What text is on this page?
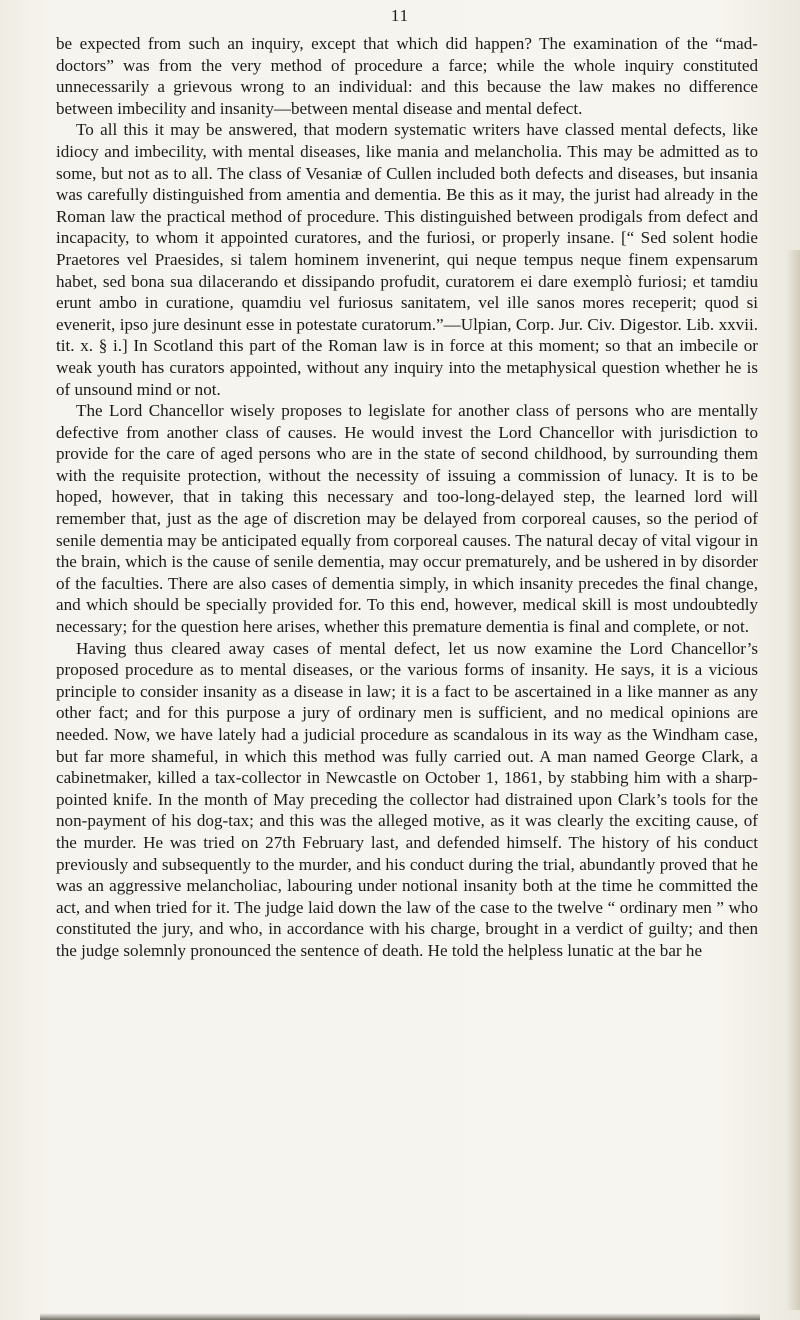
11

be expected from such an inquiry, except that which did happen? The examination of the “mad-doctors” was from the very method of procedure a farce; while the whole inquiry constituted unnecessarily a grievous wrong to an individual: and this because the law makes no difference between imbecility and insanity—between mental disease and mental defect.

To all this it may be answered, that modern systematic writers have classed mental defects, like idiocy and imbecility, with mental diseases, like mania and melancholia. This may be admitted as to some, but not as to all. The class of Vesaniæ of Cullen included both defects and diseases, but insania was carefully distinguished from amentia and dementia. Be this as it may, the jurist had already in the Roman law the practical method of procedure. This distinguished between prodigals from defect and incapacity, to whom it appointed curatores, and the furiosi, or properly insane. [“ Sed solent hodie Praetores vel Praesides, si talem hominem invenerint, qui neque tempus neque finem expensarum habet, sed bona sua dilacerando et dissipando profudit, curatorem ei dare exemplò furiosi; et tamdiu erunt ambo in curatione, quamdiu vel furiosus sanitatem, vel ille sanos mores receperit; quod si evenerit, ipso jure desinunt esse in potestate curatorum.”—Ulpian, Corp. Jur. Civ. Digestor. Lib. xxvii. tit. x. § i.] In Scotland this part of the Roman law is in force at this moment; so that an imbecile or weak youth has curators appointed, without any inquiry into the metaphysical question whether he is of unsound mind or not.

The Lord Chancellor wisely proposes to legislate for another class of persons who are mentally defective from another class of causes. He would invest the Lord Chancellor with jurisdiction to provide for the care of aged persons who are in the state of second childhood, by surrounding them with the requisite protection, without the necessity of issuing a commission of lunacy. It is to be hoped, however, that in taking this necessary and too-long-delayed step, the learned lord will remember that, just as the age of discretion may be delayed from corporeal causes, so the period of senile dementia may be anticipated equally from corporeal causes. The natural decay of vital vigour in the brain, which is the cause of senile dementia, may occur prematurely, and be ushered in by disorder of the faculties. There are also cases of dementia simply, in which insanity precedes the final change, and which should be specially provided for. To this end, however, medical skill is most undoubtedly necessary; for the question here arises, whether this premature dementia is final and complete, or not.

Having thus cleared away cases of mental defect, let us now examine the Lord Chancellor’s proposed procedure as to mental diseases, or the various forms of insanity. He says, it is a vicious principle to consider insanity as a disease in law; it is a fact to be ascertained in a like manner as any other fact; and for this purpose a jury of ordinary men is sufficient, and no medical opinions are needed. Now, we have lately had a judicial procedure as scandalous in its way as the Windham case, but far more shameful, in which this method was fully carried out. A man named George Clark, a cabinetmaker, killed a tax-collector in Newcastle on October 1, 1861, by stabbing him with a sharp-pointed knife. In the month of May preceding the collector had distrained upon Clark’s tools for the non-payment of his dog-tax; and this was the alleged motive, as it was clearly the exciting cause, of the murder. He was tried on 27th February last, and defended himself. The history of his conduct previously and subsequently to the murder, and his conduct during the trial, abundantly proved that he was an aggressive melancholiac, labouring under notional insanity both at the time he committed the act, and when tried for it. The judge laid down the law of the case to the twelve “ ordinary men ” who constituted the jury, and who, in accordance with his charge, brought in a verdict of guilty; and then the judge solemnly pronounced the sentence of death. He told the helpless lunatic at the bar he
